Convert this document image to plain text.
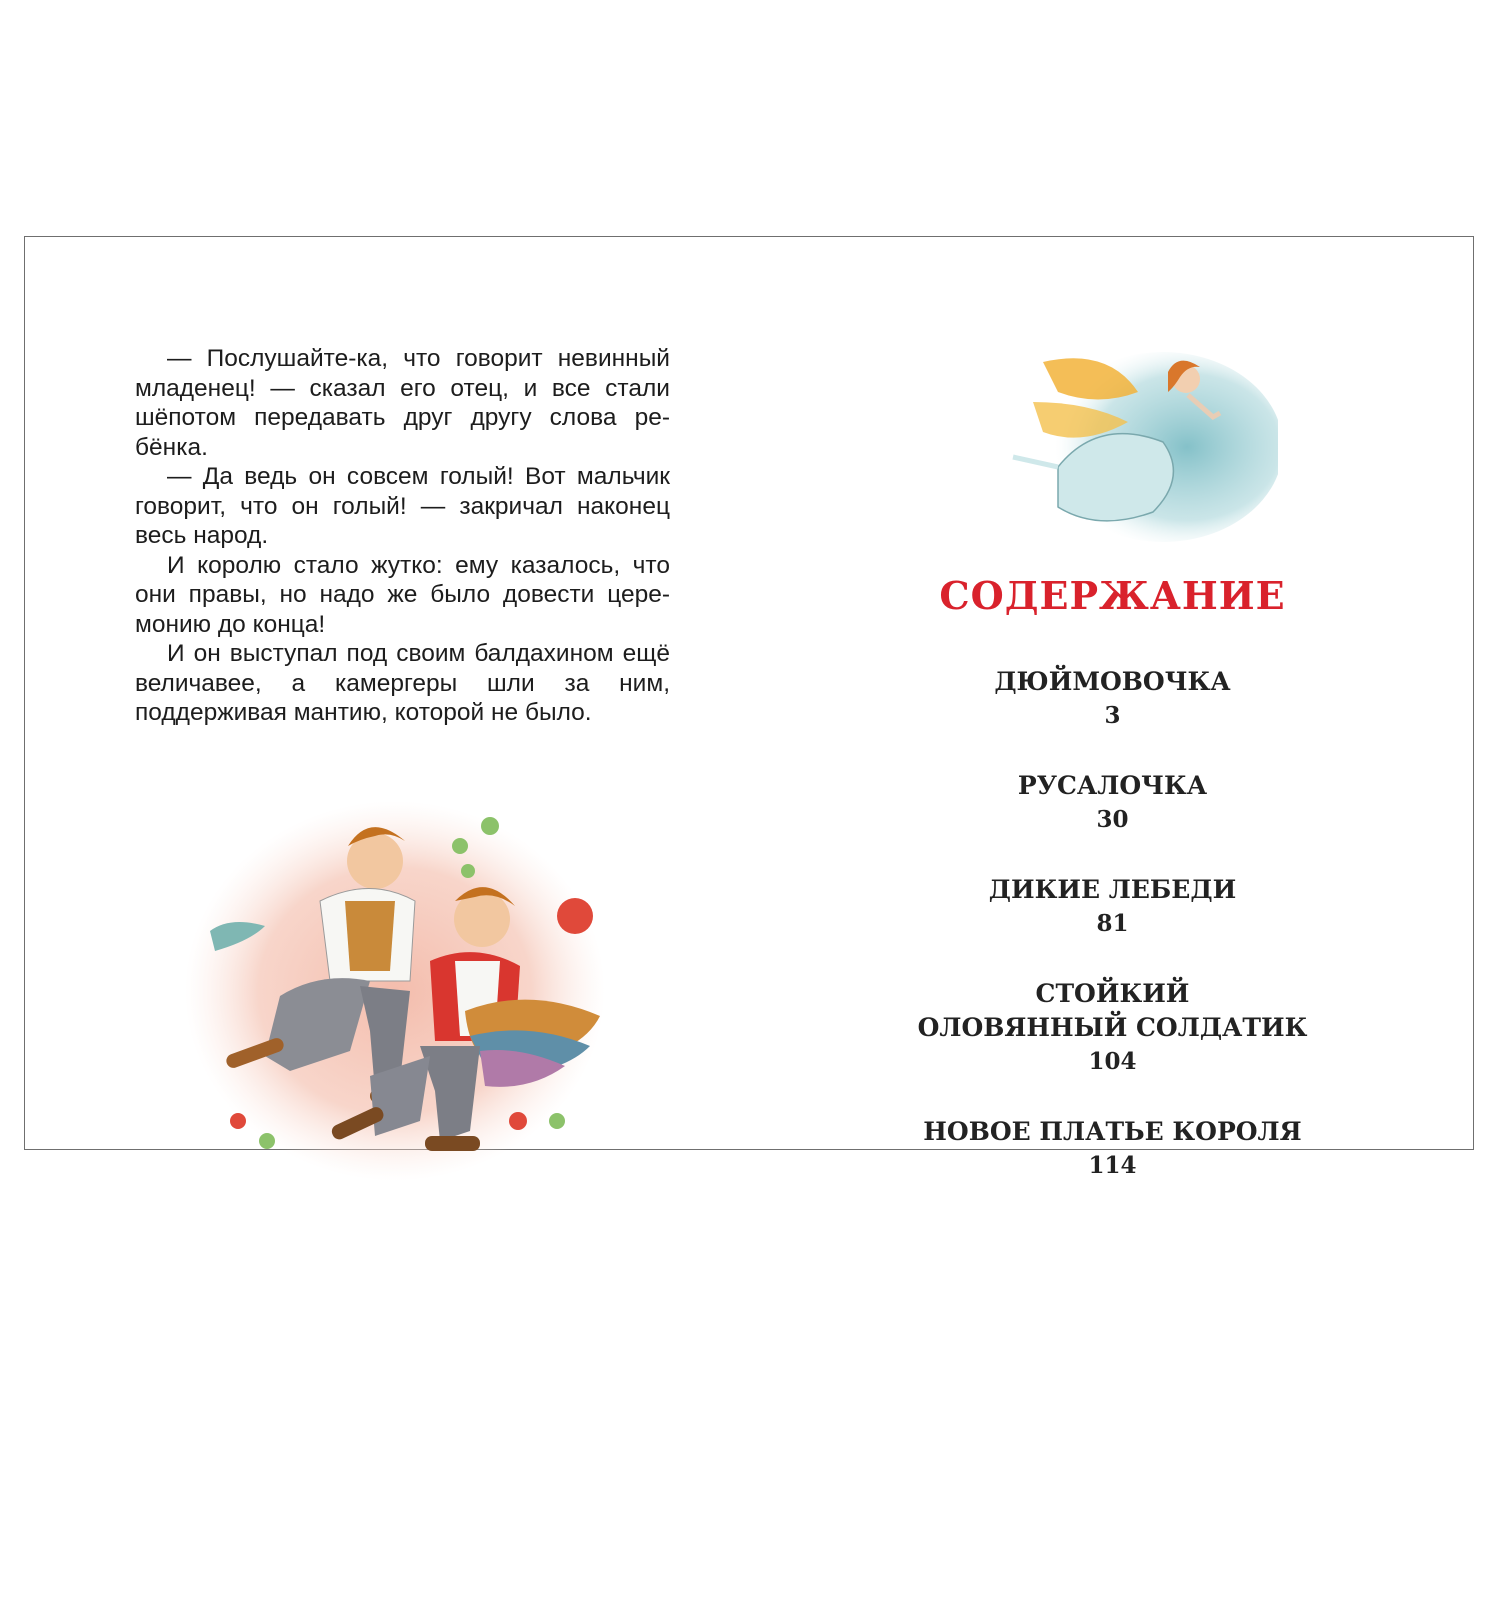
— Послушайте-ка, что говорит невинный младенец! — сказал его отец, и все стали шёпотом передавать друг другу слова ребёнка.

— Да ведь он совсем голый! Вот мальчик говорит, что он голый! — закричал наконец весь народ.

И королю стало жутко: ему казалось, что они правы, но надо же было довести церемонию до конца!

И он выступал под своим балдахином ещё величавее, а камергеры шли за ним, поддерживая мантию, которой не было.

СОДЕРЖАНИЕ
ДЮЙМОВОЧКА
3
РУСАЛОЧКА
30
ДИКИЕ ЛЕБЕДИ
81
СТОЙКИЙ
ОЛОВЯННЫЙ СОЛДАТИК
104
НОВОЕ ПЛАТЬЕ КОРОЛЯ
114
